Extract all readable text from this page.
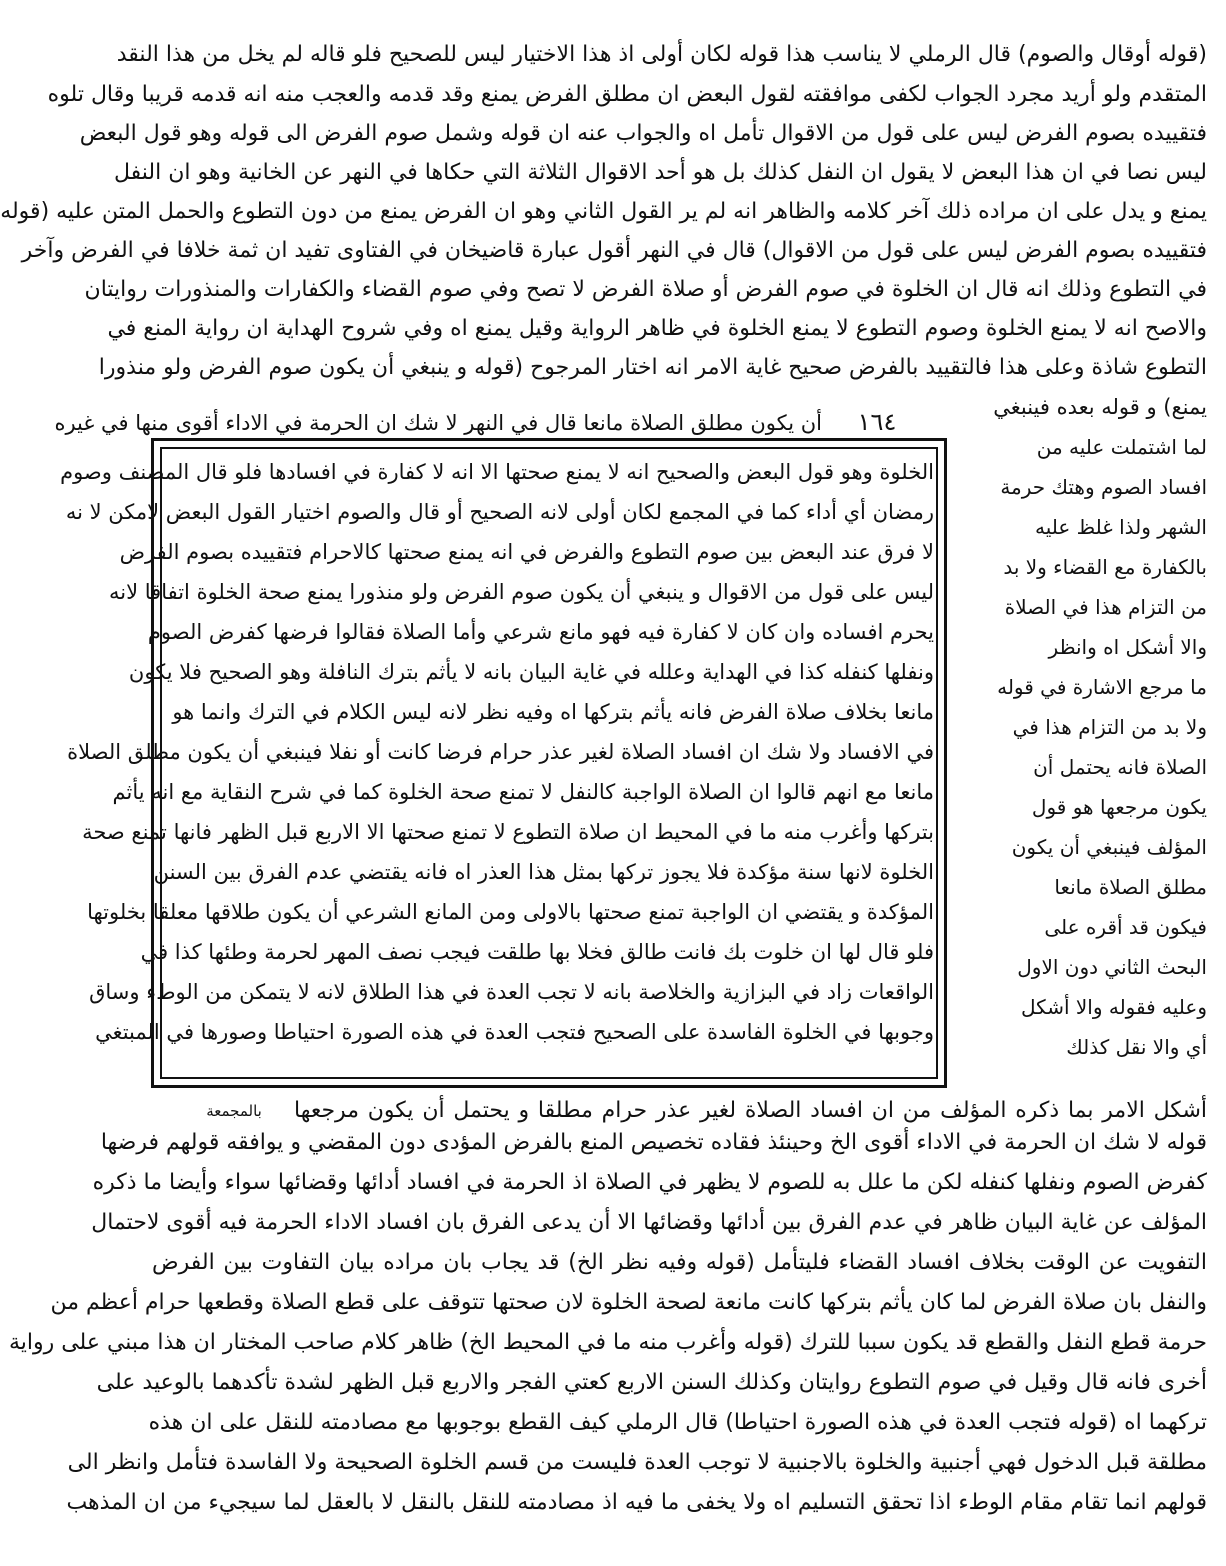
(قوله أوقال والصوم) قال الرملي لا يناسب هذا قوله لكان أولى اذ هذا الاختيار ليس للصحيح فلو قاله لم يخل من هذا النقد
المتقدم ولو أريد مجرد الجواب لكفى موافقته لقول البعض ان مطلق الفرض يمنع وقد قدمه والعجب منه انه قدمه قريبا وقال تلوه
فتقييده بصوم الفرض ليس على قول من الاقوال تأمل اه والجواب عنه ان قوله وشمل صوم الفرض الى قوله وهو قول البعض
ليس نصا في ان هذا البعض لا يقول ان النفل كذلك بل هو أحد الاقوال الثلاثة التي حكاها في النهر عن الخانية وهو ان النفل
يمنع و يدل على ان مراده ذلك آخر كلامه والظاهر انه لم ير القول الثاني وهو ان الفرض يمنع من دون التطوع والحمل المتن عليه (قوله
فتقييده بصوم الفرض ليس على قول من الاقوال) قال في النهر أقول عبارة قاضيخان في الفتاوى تفيد ان ثمة خلافا في الفرض وآخر
في التطوع وذلك انه قال ان الخلوة في صوم الفرض أو صلاة الفرض لا تصح وفي صوم القضاء والكفارات والمنذورات روايتان
والاصح انه لا يمنع الخلوة وصوم التطوع لا يمنع الخلوة في ظاهر الرواية وقيل يمنع اه وفي شروح الهداية ان رواية المنع في
التطوع شاذة وعلى هذا فالتقييد بالفرض صحيح غاية الامر انه اختار المرجوح (قوله و ينبغي أن يكون صوم الفرض ولو منذورا
يمنع) و قوله بعده فينبغي
أن يكون مطلق الصلاة مانعا قال في النهر لا شك ان الحرمة في الاداء أقوى منها في غيره	١٦٤
لما اشتملت عليه من
افساد الصوم وهتك حرمة
الشهر ولذا غلظ عليه
بالكفارة مع القضاء ولا بد
من التزام هذا في الصلاة
والا أشكل اه وانظر
ما مرجع الاشارة في قوله
ولا بد من التزام هذا في
الصلاة فانه يحتمل أن
يكون مرجعها هو قول
المؤلف فينبغي أن يكون
مطلق الصلاة مانعا
فيكون قد أقره على
البحث الثاني دون الاول
وعليه فقوله والا أشكل
أي والا نقل كذلك
الخلوة وهو قول البعض والصحيح انه لا يمنع صحتها الا انه لا كفارة في افسادها فلو قال المصنف وصوم
رمضان أي أداء كما في المجمع لكان أولى لانه الصحيح أو قال والصوم اختيار القول البعض لامكن لا نه
لا فرق عند البعض بين صوم التطوع والفرض في انه يمنع صحتها كالاحرام فتقييده بصوم الفرض
ليس على قول من الاقوال و ينبغي أن يكون صوم الفرض ولو منذورا يمنع صحة الخلوة اتفاقا لانه
يحرم افساده وان كان لا كفارة فيه فهو مانع شرعي وأما الصلاة فقالوا فرضها كفرض الصوم
ونفلها كنفله كذا في الهداية وعلله في غاية البيان بانه لا يأثم بترك النافلة وهو الصحيح فلا يكون
مانعا بخلاف صلاة الفرض فانه يأثم بتركها اه وفيه نظر لانه ليس الكلام في الترك وانما هو
في الافساد ولا شك ان افساد الصلاة لغير عذر حرام فرضا كانت أو نفلا فينبغي أن يكون مطلق الصلاة
مانعا مع انهم قالوا ان الصلاة الواجبة كالنفل لا تمنع صحة الخلوة كما في شرح النقاية مع انه يأثم
بتركها وأغرب منه ما في المحيط ان صلاة التطوع لا تمنع صحتها الا الاربع قبل الظهر فانها تمنع صحة
الخلوة لانها سنة مؤكدة فلا يجوز تركها بمثل هذا العذر اه فانه يقتضي عدم الفرق بين السنن
المؤكدة و يقتضي ان الواجبة تمنع صحتها بالاولى ومن المانع الشرعي أن يكون طلاقها معلقا بخلوتها
فلو قال لها ان خلوت بك فانت طالق فخلا بها طلقت فيجب نصف المهر لحرمة وطئها كذا في
الواقعات زاد في البزازية والخلاصة بانه لا تجب العدة في هذا الطلاق لانه لا يتمكن من الوطء وساق
وجوبها في الخلوة الفاسدة على الصحيح فتجب العدة في هذه الصورة احتياطا وصورها في المبتغي
بالمجمعة	أشكل الامر بما ذكره المؤلف من ان افساد الصلاة لغير عذر حرام مطلقا و يحتمل أن يكون مرجعها
قوله لا شك ان الحرمة في الاداء أقوى الخ وحينئذ فقاده تخصيص المنع بالفرض المؤدى دون المقضي و يوافقه قولهم فرضها
كفرض الصوم ونفلها كنفله لكن ما علل به للصوم لا يظهر في الصلاة اذ الحرمة في افساد أدائها وقضائها سواء وأيضا ما ذكره
المؤلف عن غاية البيان ظاهر في عدم الفرق بين أدائها وقضائها الا أن يدعى الفرق بان افساد الاداء الحرمة فيه أقوى لاحتمال
التفويت عن الوقت بخلاف افساد القضاء فليتأمل (قوله وفيه نظر الخ) قد يجاب بان مراده بيان التفاوت بين الفرض
والنفل بان صلاة الفرض لما كان يأثم بتركها كانت مانعة لصحة الخلوة لان صحتها تتوقف على قطع الصلاة وقطعها حرام أعظم من
حرمة قطع النفل والقطع قد يكون سببا للترك (قوله وأغرب منه ما في المحيط الخ) ظاهر كلام صاحب المختار ان هذا مبني على رواية
أخرى فانه قال وقيل في صوم التطوع روايتان وكذلك السنن الاربع كعتي الفجر والاربع قبل الظهر لشدة تأكدهما بالوعيد على
تركهما اه (قوله فتجب العدة في هذه الصورة احتياطا) قال الرملي كيف القطع بوجوبها مع مصادمته للنقل على ان هذه
مطلقة قبل الدخول فهي أجنبية والخلوة بالاجنبية لا توجب العدة فليست من قسم الخلوة الصحيحة ولا الفاسدة فتأمل وانظر الى
قولهم انما تقام مقام الوطء اذا تحقق التسليم اه ولا يخفى ما فيه اذ مصادمته للنقل بالنقل لا بالعقل لما سيجيء من ان المذهب
